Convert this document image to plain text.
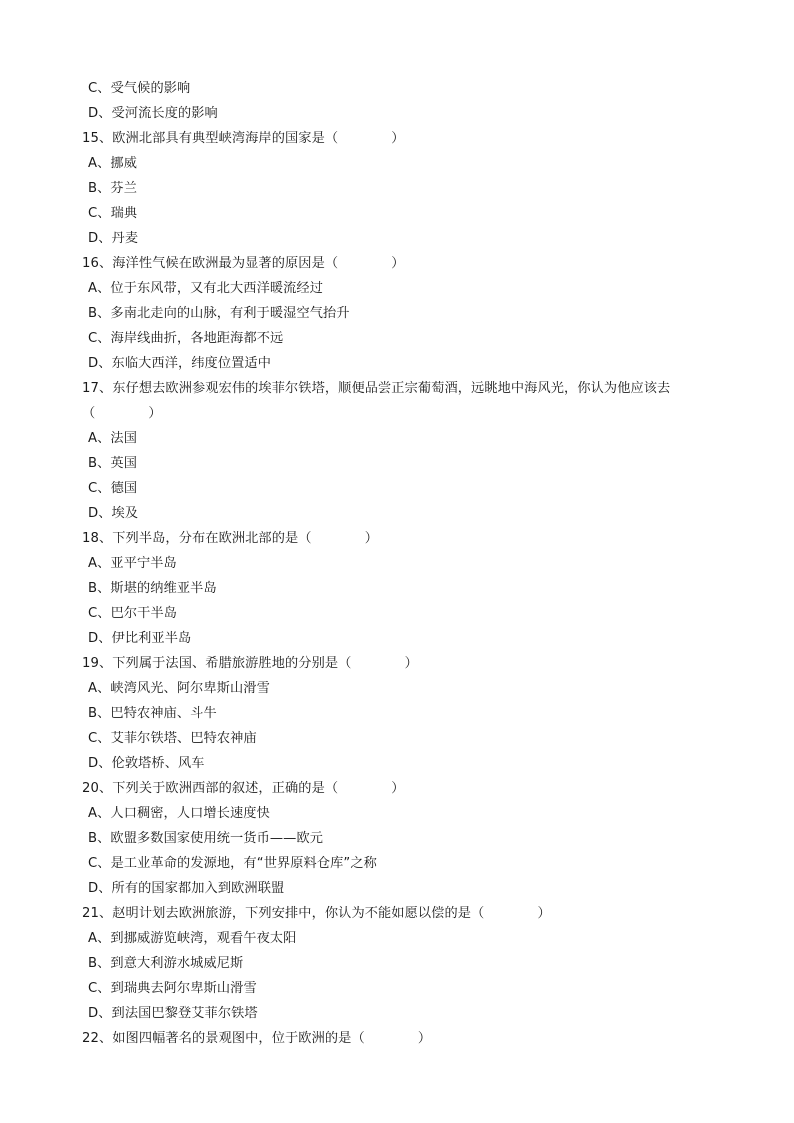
C、受气候的影响
D、受河流长度的影响
15、欧洲北部具有典型峡湾海岸的国家是（　　　　）
A、挪威
B、芬兰
C、瑞典
D、丹麦
16、海洋性气候在欧洲最为显著的原因是（　　　　）
A、位于东风带，又有北大西洋暖流经过
B、多南北走向的山脉，有利于暖湿空气抬升
C、海岸线曲折，各地距海都不远
D、东临大西洋，纬度位置适中
17、东仔想去欧洲参观宏伟的埃菲尔铁塔，顺便品尝正宗葡萄酒，远眺地中海风光，你认为他应该去
（　　　　）
A、法国
B、英国
C、德国
D、埃及
18、下列半岛，分布在欧洲北部的是（　　　　）
A、亚平宁半岛
B、斯堪的纳维亚半岛
C、巴尔干半岛
D、伊比利亚半岛
19、下列属于法国、希腊旅游胜地的分别是（　　　　）
A、峡湾风光、阿尔卑斯山滑雪
B、巴特农神庙、斗牛
C、艾菲尔铁塔、巴特农神庙
D、伦敦塔桥、风车
20、下列关于欧洲西部的叙述，正确的是（　　　　）
A、人口稠密，人口增长速度快
B、欧盟多数国家使用统一货币——欧元
C、是工业革命的发源地，有“世界原料仓库”之称
D、所有的国家都加入到欧洲联盟
21、赵明计划去欧洲旅游，下列安排中，你认为不能如愿以偿的是（　　　　）
A、到挪威游览峡湾，观看午夜太阳
B、到意大利游水城威尼斯
C、到瑞典去阿尔卑斯山滑雪
D、到法国巴黎登艾菲尔铁塔
22、如图四幅著名的景观图中，位于欧洲的是（　　　　）
